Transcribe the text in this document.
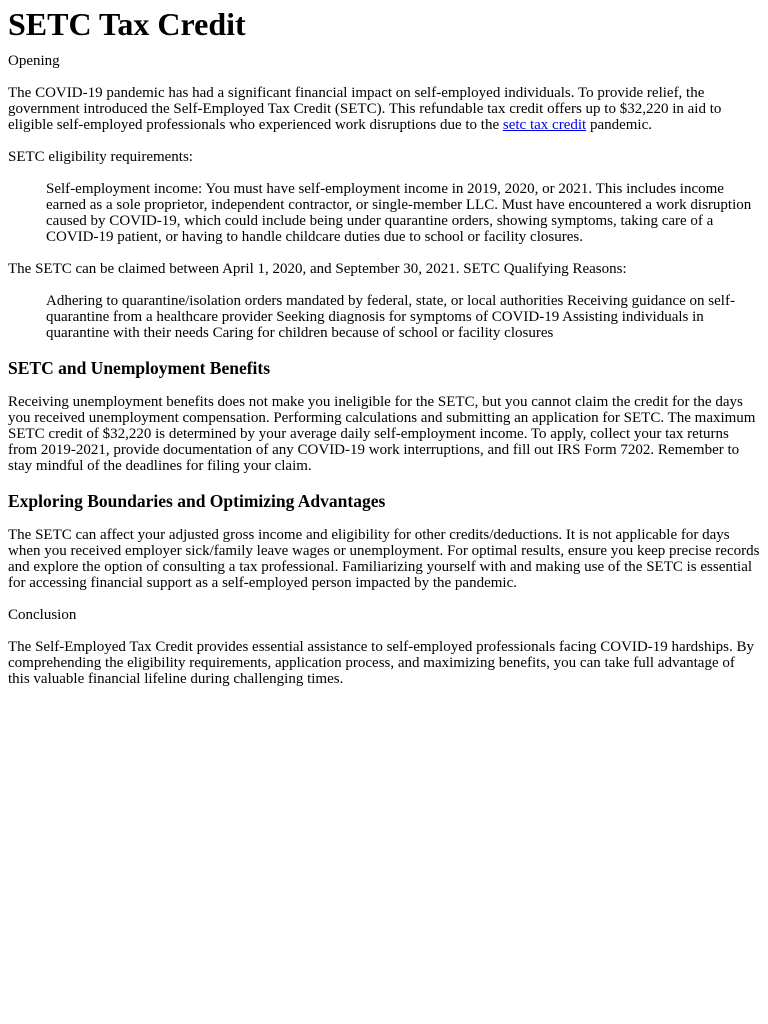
SETC Tax Credit

Opening

The COVID-19 pandemic has had a significant financial impact on self-employed individuals. To provide relief, the government introduced the Self-Employed Tax Credit (SETC). This refundable tax credit offers up to $32,220 in aid to eligible self-employed professionals who experienced work disruptions due to the setc tax credit pandemic.

SETC eligibility requirements:

Self-employment income: You must have self-employment income in 2019, 2020, or 2021. This includes income earned as a sole proprietor, independent contractor, or single-member LLC. Must have encountered a work disruption caused by COVID-19, which could include being under quarantine orders, showing symptoms, taking care of a COVID-19 patient, or having to handle childcare duties due to school or facility closures.

The SETC can be claimed between April 1, 2020, and September 30, 2021. SETC Qualifying Reasons:

Adhering to quarantine/isolation orders mandated by federal, state, or local authorities Receiving guidance on self-quarantine from a healthcare provider Seeking diagnosis for symptoms of COVID-19 Assisting individuals in quarantine with their needs Caring for children because of school or facility closures
SETC and Unemployment Benefits

Receiving unemployment benefits does not make you ineligible for the SETC, but you cannot claim the credit for the days you received unemployment compensation. Performing calculations and submitting an application for SETC. The maximum SETC credit of $32,220 is determined by your average daily self-employment income. To apply, collect your tax returns from 2019-2021, provide documentation of any COVID-19 work interruptions, and fill out IRS Form 7202. Remember to stay mindful of the deadlines for filing your claim.

Exploring Boundaries and Optimizing Advantages

The SETC can affect your adjusted gross income and eligibility for other credits/deductions. It is not applicable for days when you received employer sick/family leave wages or unemployment. For optimal results, ensure you keep precise records and explore the option of consulting a tax professional. Familiarizing yourself with and making use of the SETC is essential for accessing financial support as a self-employed person impacted by the pandemic.

Conclusion

The Self-Employed Tax Credit provides essential assistance to self-employed professionals facing COVID-19 hardships. By comprehending the eligibility requirements, application process, and maximizing benefits, you can take full advantage of this valuable financial lifeline during challenging times.
